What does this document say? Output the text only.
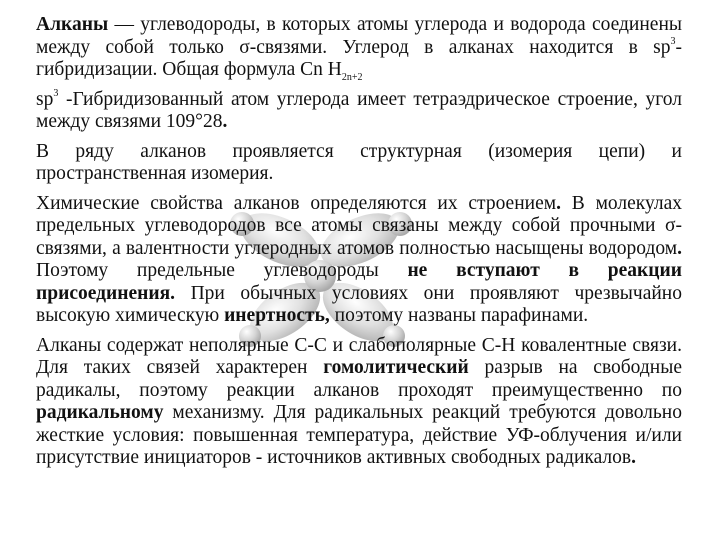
Алканы — углеводороды, в которых атомы углерода и водорода соединены между собой только σ-связями. Углерод в алканах находится в $sp^3$-гибридизации. Общая формула Cn $H_{2n+2}$

$sp^3$ -Гибридизованный атом углерода имеет тетраэдрическое строение, угол между связями 109°28.

В ряду алканов проявляется структурная (изомерия цепи) и пространственная изомерия.

Химические свойства алканов определяются их строением. В молекулах предельных углеводородов все атомы связаны между собой прочными σ-связями, а валентности углеродных атомов полностью насыщены водородом. Поэтому предельные углеводороды не вступают в реакции присоединения. При обычных условиях они проявляют чрезвычайно высокую химическую инертность, поэтому названы парафинами.

Алканы содержат неполярные С-С и слабополярные С-Н ковалентные связи. Для таких связей характерен гомолитический разрыв на свободные радикалы, поэтому реакции алканов проходят преимущественно по радикальному механизму. Для радикальных реакций требуются довольно жесткие условия: повышенная температура, действие УФ-облучения и/или присутствие инициаторов - источников активных свободных радикалов.
